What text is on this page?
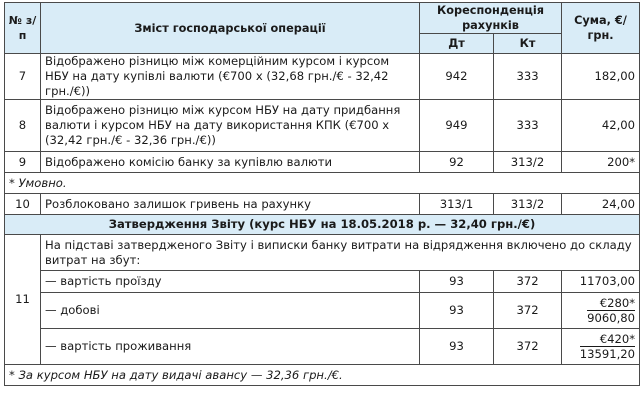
№ з/п	Зміст господарської операції	Кореспонденція рахунків		Сума, €/грн.
		Дт	Кт	
7	Відображено різницю між комерційним курсом і курсом НБУ на дату купівлі валюти (€700 х (32,68 грн./€ - 32,42 грн./€))	942	333	182,00
8	Відображено різницю між курсом НБУ на дату придбання валюти і курсом НБУ на дату використання КПК (€700 х (32,42 грн./€ - 32,36 грн./€))	949	333	42,00
9	Відображено комісію банку за купівлю валюти	92	313/2	200*
* Умовно.				
10	Розблоковано залишок гривень на рахунку	313/1	313/2	24,00
Затвердження Звіту (курс НБУ на 18.05.2018 р. — 32,40 грн./€)				
11	На підставі затвердженого Звіту і виписки банку витрати на відрядження включено до складу витрат на збут:			
	— вартість проїзду	93	372	11703,00
	— добові	93	372	$\frac{€280*}{9060,80}$

	— вартість проживання	93	372	$\frac{€420*}{13591,20}$

* За курсом НБУ на дату видачі авансу — 32,36 грн./€.				
